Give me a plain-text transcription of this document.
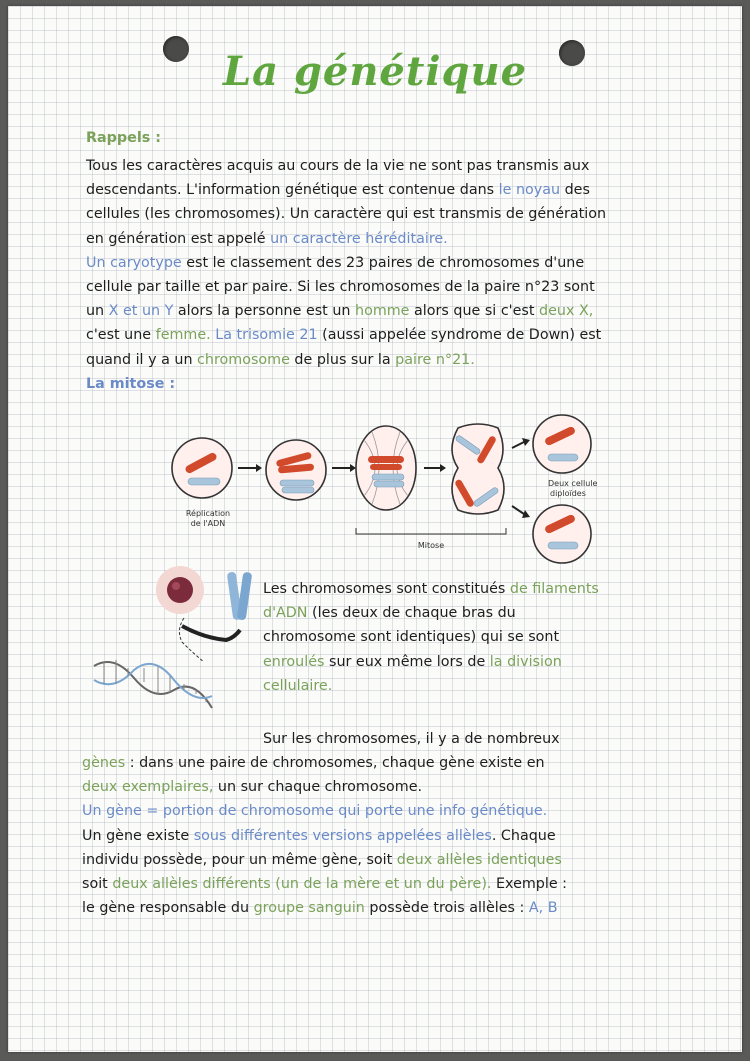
La génétique
Rappels :
Tous les caractères acquis au cours de la vie ne sont pas transmis aux
descendants. L'information génétique est contenue dans le noyau des
cellules (les chromosomes). Un caractère qui est transmis de génération
en génération est appelé un caractère héréditaire.
Un caryotype est le classement des 23 paires de chromosomes d'une
cellule par taille et par paire. Si les chromosomes de la paire n°23 sont
un X et un Y alors la personne est un homme alors que si c'est deux X,
c'est une femme. La trisomie 21 (aussi appelée syndrome de Down) est
quand il y a un chromosome de plus sur la paire n°21.
La mitose :
Réplication
de l'ADN
Deux cellule
diploïdes
Mitose
Les chromosomes sont constitués de filaments
d'ADN (les deux de chaque bras du
chromosome sont identiques) qui se sont
enroulés sur eux même lors de la division
cellulaire.
Sur les chromosomes, il y a de nombreux
gènes : dans une paire de chromosomes, chaque gène existe en
deux exemplaires, un sur chaque chromosome.
Un gène = portion de chromosome qui porte une info génétique.
Un gène existe sous différentes versions appelées allèles. Chaque
individu possède, pour un même gène, soit deux allèles identiques
soit deux allèles différents (un de la mère et un du père). Exemple :
le gène responsable du groupe sanguin possède trois allèles : A, B
